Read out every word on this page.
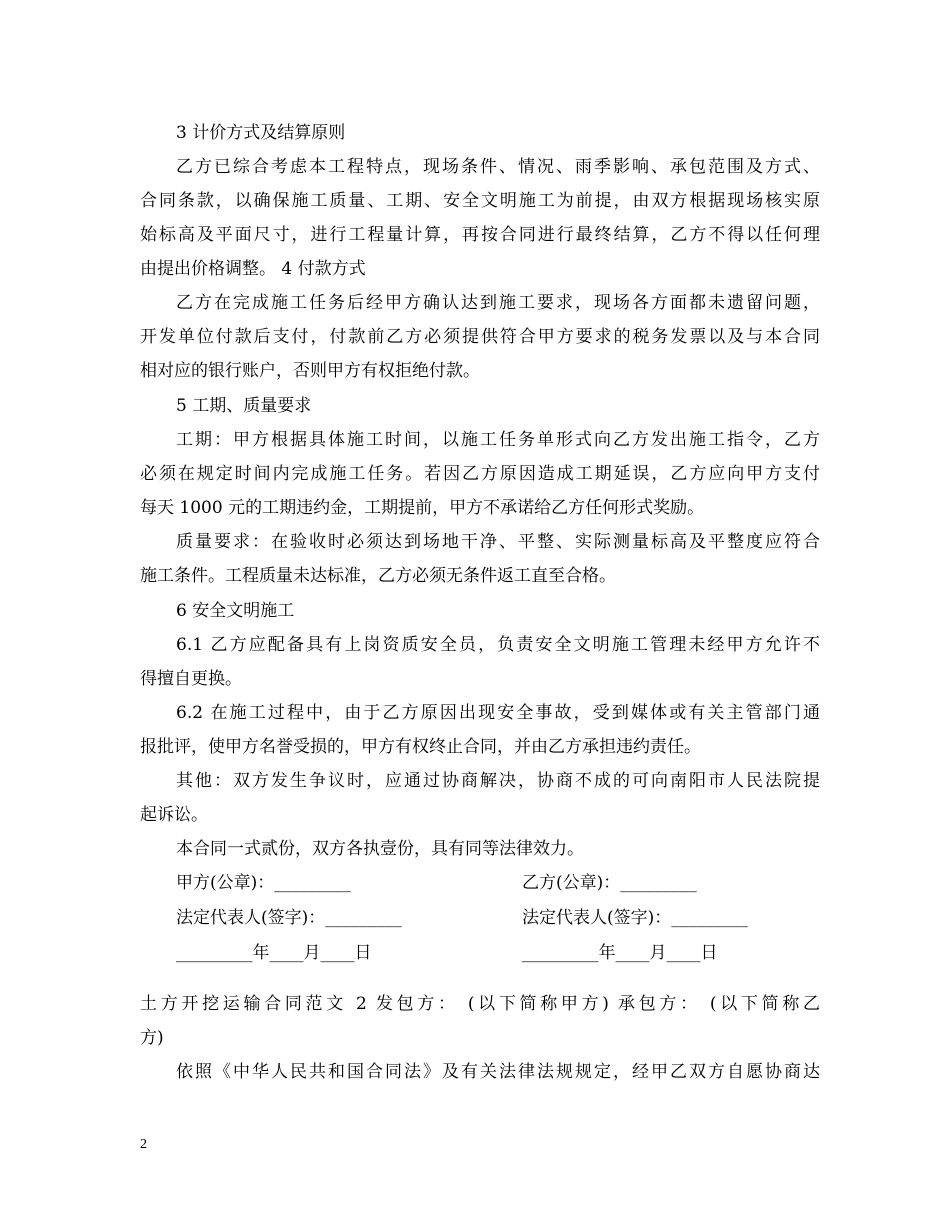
3 计价方式及结算原则
乙方已综合考虑本工程特点，现场条件、情况、雨季影响、承包范围及方式、
合同条款，以确保施工质量、工期、安全文明施工为前提，由双方根据现场核实原
始标高及平面尺寸，进行工程量计算，再按合同进行最终结算，乙方不得以任何理
由提出价格调整。 4 付款方式
乙方在完成施工任务后经甲方确认达到施工要求，现场各方面都未遗留问题，
开发单位付款后支付，付款前乙方必须提供符合甲方要求的税务发票以及与本合同
相对应的银行账户，否则甲方有权拒绝付款。
5 工期、质量要求
工期：甲方根据具体施工时间，以施工任务单形式向乙方发出施工指令，乙方
必须在规定时间内完成施工任务。若因乙方原因造成工期延误，乙方应向甲方支付
每天 1000 元的工期违约金，工期提前，甲方不承诺给乙方任何形式奖励。
质量要求：在验收时必须达到场地干净、平整、实际测量标高及平整度应符合
施工条件。工程质量未达标准，乙方必须无条件返工直至合格。
6 安全文明施工
6.1 乙方应配备具有上岗资质安全员，负责安全文明施工管理未经甲方允许不
得擅自更换。
6.2 在施工过程中，由于乙方原因出现安全事故，受到媒体或有关主管部门通
报批评，使甲方名誉受损的，甲方有权终止合同，并由乙方承担违约责任。
其他：双方发生争议时，应通过协商解决，协商不成的可向南阳市人民法院提
起诉讼。
本合同一式贰份，双方各执壹份，具有同等法律效力。
甲方(公章)：_________	乙方(公章)：_________
法定代表人(签字)：_________	法定代表人(签字)：_________
_________年____月____日	_________年____月____日
土方开挖运输合同范文 2 发包方： (以下简称甲方) 承包方： (以下简称乙
方)
依照《中华人民共和国合同法》及有关法律法规规定，经甲乙双方自愿协商达
2
